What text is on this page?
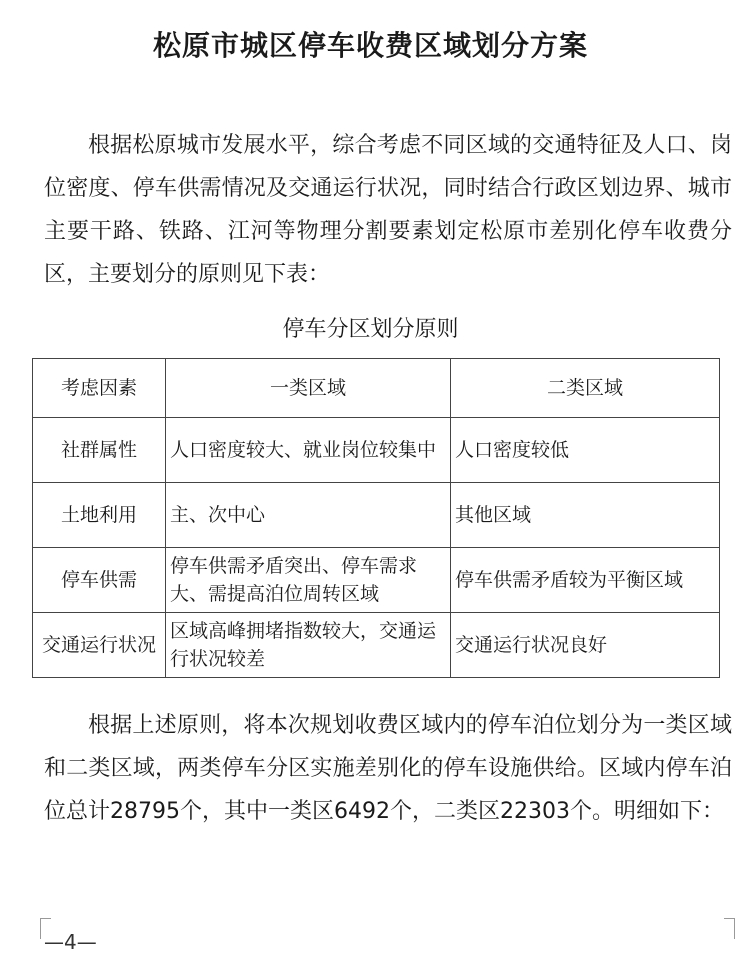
松原市城区停车收费区域划分方案

根据松原城市发展水平，综合考虑不同区域的交通特征及人口、岗位密度、停车供需情况及交通运行状况，同时结合行政区划边界、城市主要干路、铁路、江河等物理分割要素划定松原市差别化停车收费分区，主要划分的原则见下表：

停车分区划分原则
考虑因素	一类区域	二类区域
社群属性	人口密度较大、就业岗位较集中	人口密度较低
土地利用	主、次中心	其他区域
停车供需	停车供需矛盾突出、停车需求大、需提高泊位周转区域	停车供需矛盾较为平衡区域
交通运行状况	区域高峰拥堵指数较大，交通运行状况较差	交通运行状况良好

根据上述原则，将本次规划收费区域内的停车泊位划分为一类区域和二类区域，两类停车分区实施差别化的停车设施供给。区域内停车泊位总计28795个，其中一类区6492个，二类区22303个。明细如下：

—4—
